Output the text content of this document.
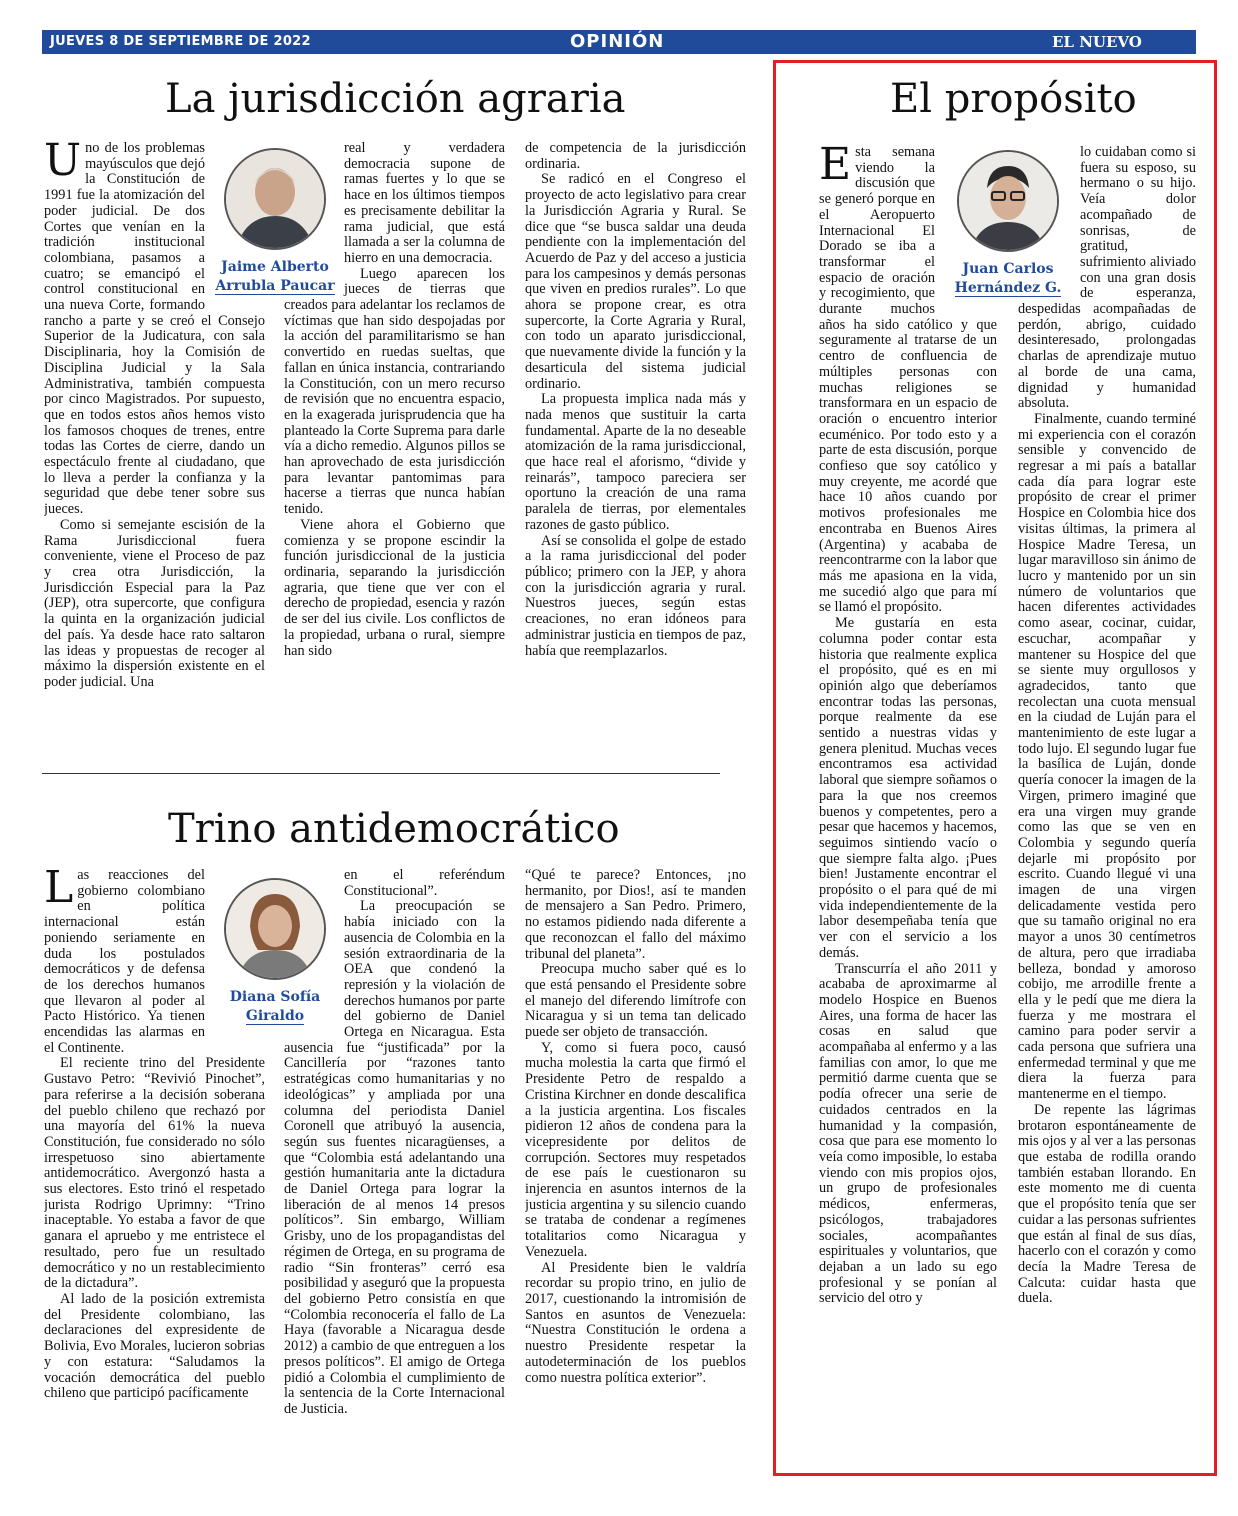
JUEVES 8 DE SEPTIEMBRE DE 2022	OPINIÓN	EL NUEVO SIGLO
9A
La jurisdicción agraria

Uno de los problemas mayúsculos que dejó la Constitución de 1991 fue la atomización del poder judicial. De dos Cortes que venían en la tradición institucional colombiana, pasamos a cuatro; se emancipó el control constitucional en una nueva Corte, formando rancho a parte y se creó el Consejo Superior de la Judicatura, con sala Disciplinaria, hoy la Comisión de Disciplina Judicial y la Sala Administrativa, también compuesta por cinco Magistrados. Por supuesto, que en todos estos años hemos visto los famosos choques de trenes, entre todas las Cortes de cierre, dando un espectáculo frente al ciudadano, que lo lleva a perder la confianza y la seguridad que debe tener sobre sus jueces.

Como si semejante escisión de la Rama Jurisdiccional fuera conveniente, viene el Proceso de paz y crea otra Jurisdicción, la Jurisdicción Especial para la Paz (JEP), otra supercorte, que configura la quinta en la organización judicial del país. Ya desde hace rato saltaron las ideas y propuestas de recoger al máximo la dispersión existente en el poder judicial. Una

Jaime Alberto
Arrubla Paucar

real y verdadera democracia supone de ramas fuertes y lo que se hace en los últimos tiempos es precisamente debilitar la rama judicial, que está llamada a ser la columna de hierro en una democracia.

Luego aparecen los jueces de tierras que creados para adelantar los reclamos de víctimas que han sido despojadas por la acción del paramilitarismo se han convertido en ruedas sueltas, que fallan en única instancia, contrariando la Constitución, con un mero recurso de revisión que no encuentra espacio, en la exagerada jurisprudencia que ha planteado la Corte Suprema para darle vía a dicho remedio. Algunos pillos se han aprovechado de esta jurisdicción para levantar pantomimas para hacerse a tierras que nunca habían tenido.

Viene ahora el Gobierno que comienza y se propone escindir la función jurisdiccional de la justicia ordinaria, separando la jurisdicción agraria, que tiene que ver con el derecho de propiedad, esencia y razón de ser del ius civile. Los conflictos de la propiedad, urbana o rural, siempre han sido

de competencia de la jurisdicción ordinaria.

Se radicó en el Congreso el proyecto de acto legislativo para crear la Jurisdicción Agraria y Rural. Se dice que “se busca saldar una deuda pendiente con la implementación del Acuerdo de Paz y del acceso a justicia para los campesinos y demás personas que viven en predios rurales”. Lo que ahora se propone crear, es otra supercorte, la Corte Agraria y Rural, con todo un aparato jurisdiccional, que nuevamente divide la función y la desarticula del sistema judicial ordinario.

La propuesta implica nada más y nada menos que sustituir la carta fundamental. Aparte de la no deseable atomización de la rama jurisdiccional, que hace real el aforismo, “divide y reinarás”, tampoco pareciera ser oportuno la creación de una rama paralela de tierras, por elementales razones de gasto público.

Así se consolida el golpe de estado a la rama jurisdiccional del poder público; primero con la JEP, y ahora con la jurisdicción agraria y rural. Nuestros jueces, según estas creaciones, no eran idóneos para administrar justicia en tiempos de paz, había que reemplazarlos.

Trino antidemocrático

Las reacciones del gobierno colombiano en política internacional están poniendo seriamente en duda los postulados democráticos y de defensa de los derechos humanos que llevaron al poder al Pacto Histórico. Ya tienen encendidas las alarmas en el Continente.

El reciente trino del Presidente Gustavo Petro: “Revivió Pinochet”, para referirse a la decisión soberana del pueblo chileno que rechazó por una mayoría del 61% la nueva Constitución, fue considerado no sólo irrespetuoso sino abiertamente antidemocrático. Avergonzó hasta a sus electores. Esto trinó el respetado jurista Rodrigo Uprimny: “Trino inaceptable. Yo estaba a favor de que ganara el apruebo y me entristece el resultado, pero fue un resultado democrático y no un restablecimiento de la dictadura”.

Al lado de la posición extremista del Presidente colombiano, las declaraciones del expresidente de Bolivia, Evo Morales, lucieron sobrias y con estatura: “Saludamos la vocación democrática del pueblo chileno que participó pacíficamente

Diana Sofía
Giraldo

en el referéndum Constitucional”.

La preocupación se había iniciado con la ausencia de Colombia en la sesión extraordinaria de la OEA que condenó la represión y la violación de derechos humanos por parte del gobierno de Daniel Ortega en Nicaragua. Esta ausencia fue “justificada” por la Cancillería por “razones tanto estratégicas como humanitarias y no ideológicas” y ampliada por una columna del periodista Daniel Coronell que atribuyó la ausencia, según sus fuentes nicaragüenses, a que “Colombia está adelantando una gestión humanitaria ante la dictadura de Daniel Ortega para lograr la liberación de al menos 14 presos políticos”. Sin embargo, William Grisby, uno de los propagandistas del régimen de Ortega, en su programa de radio “Sin fronteras” cerró esa posibilidad y aseguró que la propuesta del gobierno Petro consistía en que “Colombia reconocería el fallo de La Haya (favorable a Nicaragua desde 2012) a cambio de que entreguen a los presos políticos”. El amigo de Ortega pidió a Colombia el cumplimiento de la sentencia de la Corte Internacional de Justicia.

“Qué te parece? Entonces, ¡no hermanito, por Dios!, así te manden de mensajero a San Pedro. Primero, no estamos pidiendo nada diferente a que reconozcan el fallo del máximo tribunal del planeta”.

Preocupa mucho saber qué es lo que está pensando el Presidente sobre el manejo del diferendo limítrofe con Nicaragua y si un tema tan delicado puede ser objeto de transacción.

Y, como si fuera poco, causó mucha molestia la carta que firmó el Presidente Petro de respaldo a Cristina Kirchner en donde descalifica a la justicia argentina. Los fiscales pidieron 12 años de condena para la vicepresidente por delitos de corrupción. Sectores muy respetados de ese país le cuestionaron su injerencia en asuntos internos de la justicia argentina y su silencio cuando se trataba de condenar a regímenes totalitarios como Nicaragua y Venezuela.

Al Presidente bien le valdría recordar su propio trino, en julio de 2017, cuestionando la intromisión de Santos en asuntos de Venezuela: “Nuestra Constitución le ordena a nuestro Presidente respetar la autodeterminación de los pueblos como nuestra política exterior”.

El propósito

Esta semana viendo la discusión que se generó porque en el Aeropuerto Internacional El Dorado se iba a transformar el espacio de oración y recogimiento, que durante muchos años ha sido católico y que seguramente al tratarse de un centro de confluencia de múltiples personas con muchas religiones se transformara en un espacio de oración o encuentro interior ecuménico. Por todo esto y a parte de esta discusión, porque confieso que soy católico y muy creyente, me acordé que hace 10 años cuando por motivos profesionales me encontraba en Buenos Aires (Argentina) y acababa de reencontrarme con la labor que más me apasiona en la vida, me sucedió algo que para mí se llamó el propósito.

Me gustaría en esta columna poder contar esta historia que realmente explica el propósito, qué es en mi opinión algo que deberíamos encontrar todas las personas, porque realmente da ese sentido a nuestras vidas y genera plenitud. Muchas veces encontramos esa actividad laboral que siempre soñamos o para la que nos creemos buenos y competentes, pero a pesar que hacemos y hacemos, seguimos sintiendo vacío o que siempre falta algo. ¡Pues bien! Justamente encontrar el propósito o el para qué de mi vida independientemente de la labor desempeñaba tenía que ver con el servicio a los demás.

Transcurría el año 2011 y acababa de aproximarme al modelo Hospice en Buenos Aires, una forma de hacer las cosas en salud que acompañaba al enfermo y a las familias con amor, lo que me permitió darme cuenta que se podía ofrecer una serie de cuidados centrados en la humanidad y la compasión, cosa que para ese momento lo veía como imposible, lo estaba viendo con mis propios ojos, un grupo de profesionales médicos, enfermeras, psicólogos, trabajadores sociales, acompañantes espirituales y voluntarios, que dejaban a un lado su ego profesional y se ponían al servicio del otro y

Juan Carlos
Hernández G.

lo cuidaban como si fuera su esposo, su hermano o su hijo. Veía dolor acompañado de sonrisas, de gratitud, sufrimiento aliviado con una gran dosis de esperanza, despedidas acompañadas de perdón, abrigo, cuidado desinteresado, prolongadas charlas de aprendizaje mutuo al borde de una cama, dignidad y humanidad absoluta.

Finalmente, cuando terminé mi experiencia con el corazón sensible y convencido de regresar a mi país a batallar cada día para lograr este propósito de crear el primer Hospice en Colombia hice dos visitas últimas, la primera al Hospice Madre Teresa, un lugar maravilloso sin ánimo de lucro y mantenido por un sin número de voluntarios que hacen diferentes actividades como asear, cocinar, cuidar, escuchar, acompañar y mantener su Hospice del que se siente muy orgullosos y agradecidos, tanto que recolectan una cuota mensual en la ciudad de Luján para el mantenimiento de este lugar a todo lujo. El segundo lugar fue la basílica de Luján, donde quería conocer la imagen de la Virgen, primero imaginé que era una virgen muy grande como las que se ven en Colombia y segundo quería dejarle mi propósito por escrito. Cuando llegué vi una imagen de una virgen delicadamente vestida pero que su tamaño original no era mayor a unos 30 centímetros de altura, pero que irradiaba belleza, bondad y amoroso cobijo, me arrodille frente a ella y le pedí que me diera la fuerza y me mostrara el camino para poder servir a cada persona que sufriera una enfermedad terminal y que me diera la fuerza para mantenerme en el tiempo.

De repente las lágrimas brotaron espontáneamente de mis ojos y al ver a las personas que estaba de rodilla orando también estaban llorando. En este momento me di cuenta que el propósito tenía que ser cuidar a las personas sufrientes que están al final de sus días, hacerlo con el corazón y como decía la Madre Teresa de Calcuta: cuidar hasta que duela.
